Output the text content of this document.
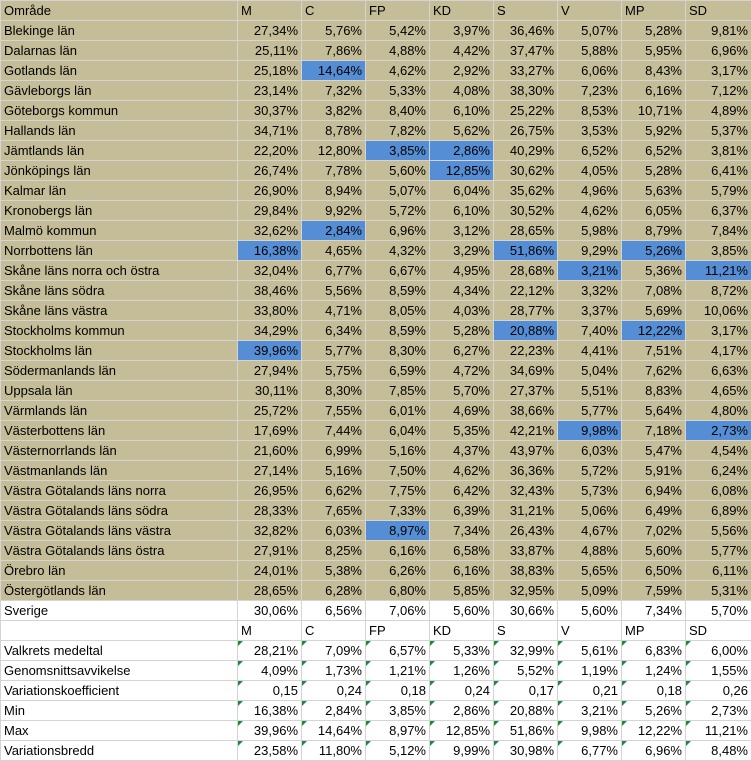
Område	M	C	FP	KD	S	V	MP	SD
Blekinge län	27,34%	5,76%	5,42%	3,97%	36,46%	5,07%	5,28%	9,81%
Dalarnas län	25,11%	7,86%	4,88%	4,42%	37,47%	5,88%	5,95%	6,96%
Gotlands län	25,18%	14,64%	4,62%	2,92%	33,27%	6,06%	8,43%	3,17%
Gävleborgs län	23,14%	7,32%	5,33%	4,08%	38,30%	7,23%	6,16%	7,12%
Göteborgs kommun	30,37%	3,82%	8,40%	6,10%	25,22%	8,53%	10,71%	4,89%
Hallands län	34,71%	8,78%	7,82%	5,62%	26,75%	3,53%	5,92%	5,37%
Jämtlands län	22,20%	12,80%	3,85%	2,86%	40,29%	6,52%	6,52%	3,81%
Jönköpings län	26,74%	7,78%	5,60%	12,85%	30,62%	4,05%	5,28%	6,41%
Kalmar län	26,90%	8,94%	5,07%	6,04%	35,62%	4,96%	5,63%	5,79%
Kronobergs län	29,84%	9,92%	5,72%	6,10%	30,52%	4,62%	6,05%	6,37%
Malmö kommun	32,62%	2,84%	6,96%	3,12%	28,65%	5,98%	8,79%	7,84%
Norrbottens län	16,38%	4,65%	4,32%	3,29%	51,86%	9,29%	5,26%	3,85%
Skåne läns norra och östra	32,04%	6,77%	6,67%	4,95%	28,68%	3,21%	5,36%	11,21%
Skåne läns södra	38,46%	5,56%	8,59%	4,34%	22,12%	3,32%	7,08%	8,72%
Skåne läns västra	33,80%	4,71%	8,05%	4,03%	28,77%	3,37%	5,69%	10,06%
Stockholms kommun	34,29%	6,34%	8,59%	5,28%	20,88%	7,40%	12,22%	3,17%
Stockholms län	39,96%	5,77%	8,30%	6,27%	22,23%	4,41%	7,51%	4,17%
Södermanlands län	27,94%	5,75%	6,59%	4,72%	34,69%	5,04%	7,62%	6,63%
Uppsala län	30,11%	8,30%	7,85%	5,70%	27,37%	5,51%	8,83%	4,65%
Värmlands län	25,72%	7,55%	6,01%	4,69%	38,66%	5,77%	5,64%	4,80%
Västerbottens län	17,69%	7,44%	6,04%	5,35%	42,21%	9,98%	7,18%	2,73%
Västernorrlands län	21,60%	6,99%	5,16%	4,37%	43,97%	6,03%	5,47%	4,54%
Västmanlands län	27,14%	5,16%	7,50%	4,62%	36,36%	5,72%	5,91%	6,24%
Västra Götalands läns norra	26,95%	6,62%	7,75%	6,42%	32,43%	5,73%	6,94%	6,08%
Västra Götalands läns södra	28,33%	7,65%	7,33%	6,39%	31,21%	5,06%	6,49%	6,89%
Västra Götalands läns västra	32,82%	6,03%	8,97%	7,34%	26,43%	4,67%	7,02%	5,56%
Västra Götalands läns östra	27,91%	8,25%	6,16%	6,58%	33,87%	4,88%	5,60%	5,77%
Örebro län	24,01%	5,38%	6,26%	6,16%	38,83%	5,65%	6,50%	6,11%
Östergötlands län	28,65%	6,28%	6,80%	5,85%	32,95%	5,09%	7,59%	5,31%
Sverige	30,06%	6,56%	7,06%	5,60%	30,66%	5,60%	7,34%	5,70%
	M	C	FP	KD	S	V	MP	SD
Valkrets medeltal	28,21%	7,09%	6,57%	5,33%	32,99%	5,61%	6,83%	6,00%
Genomsnittsavvikelse	4,09%	1,73%	1,21%	1,26%	5,52%	1,19%	1,24%	1,55%
Variationskoefficient	0,15	0,24	0,18	0,24	0,17	0,21	0,18	0,26
Min	16,38%	2,84%	3,85%	2,86%	20,88%	3,21%	5,26%	2,73%
Max	39,96%	14,64%	8,97%	12,85%	51,86%	9,98%	12,22%	11,21%
Variationsbredd	23,58%	11,80%	5,12%	9,99%	30,98%	6,77%	6,96%	8,48%
